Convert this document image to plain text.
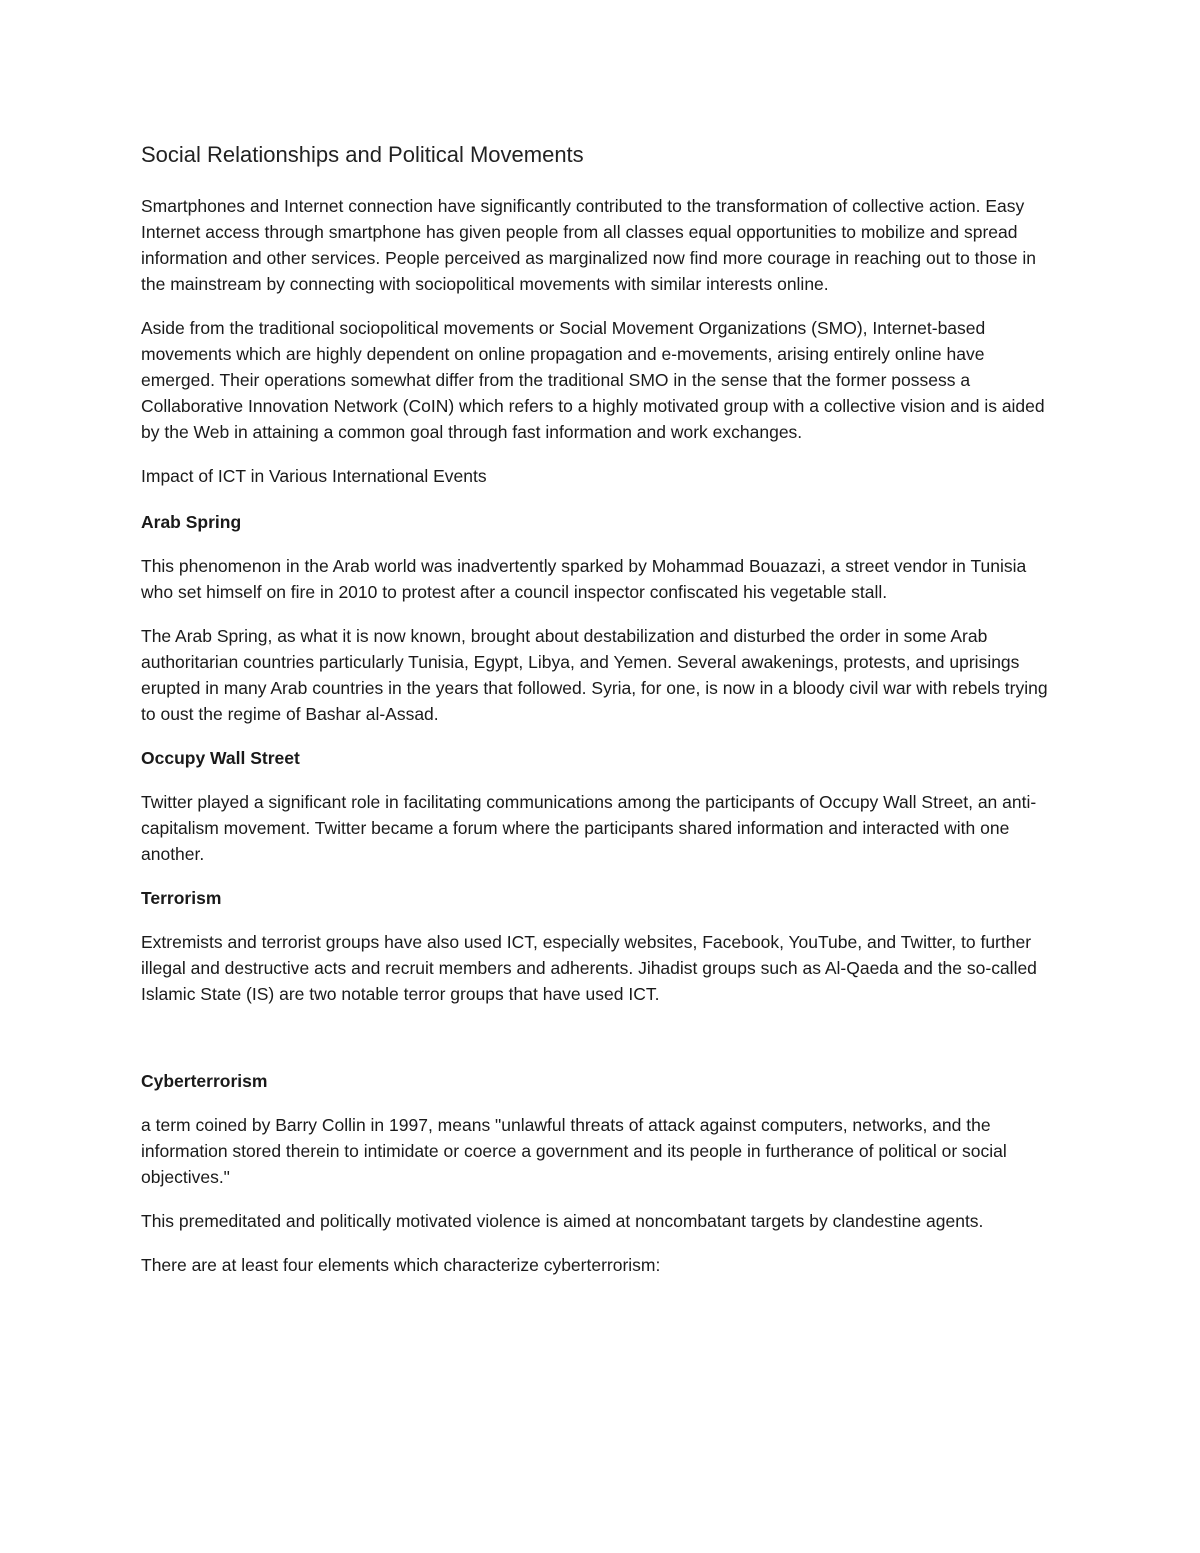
Social Relationships and Political Movements

Smartphones and Internet connection have significantly contributed to the transformation of collective action. Easy Internet access through smartphone has given people from all classes equal opportunities to mobilize and spread information and other services. People perceived as marginalized now find more courage in reaching out to those in the mainstream by connecting with sociopolitical movements with similar interests online.

Aside from the traditional sociopolitical movements or Social Movement Organizations (SMO), Internet-based movements which are highly dependent on online propagation and e-movements, arising entirely online have emerged. Their operations somewhat differ from the traditional SMO in the sense that the former possess a Collaborative Innovation Network (CoIN) which refers to a highly motivated group with a collective vision and is aided by the Web in attaining a common goal through fast information and work exchanges.

Impact of ICT in Various International Events
Arab Spring

This phenomenon in the Arab world was inadvertently sparked by Mohammad Bouazazi, a street vendor in Tunisia who set himself on fire in 2010 to protest after a council inspector confiscated his vegetable stall.

The Arab Spring, as what it is now known, brought about destabilization and disturbed the order in some Arab authoritarian countries particularly Tunisia, Egypt, Libya, and Yemen. Several awakenings, protests, and uprisings erupted in many Arab countries in the years that followed. Syria, for one, is now in a bloody civil war with rebels trying to oust the regime of Bashar al-Assad.

Occupy Wall Street

Twitter played a significant role in facilitating communications among the participants of Occupy Wall Street, an anti-capitalism movement. Twitter became a forum where the participants shared information and interacted with one another.

Terrorism

Extremists and terrorist groups have also used ICT, especially websites, Facebook, YouTube, and Twitter, to further illegal and destructive acts and recruit members and adherents. Jihadist groups such as Al-Qaeda and the so-called Islamic State (IS) are two notable terror groups that have used ICT.

Cyberterrorism

a term coined by Barry Collin in 1997, means "unlawful threats of attack against computers, networks, and the information stored therein to intimidate or coerce a government and its people in furtherance of political or social objectives."

This premeditated and politically motivated violence is aimed at noncombatant targets by clandestine agents.

There are at least four elements which characterize cyberterrorism:
